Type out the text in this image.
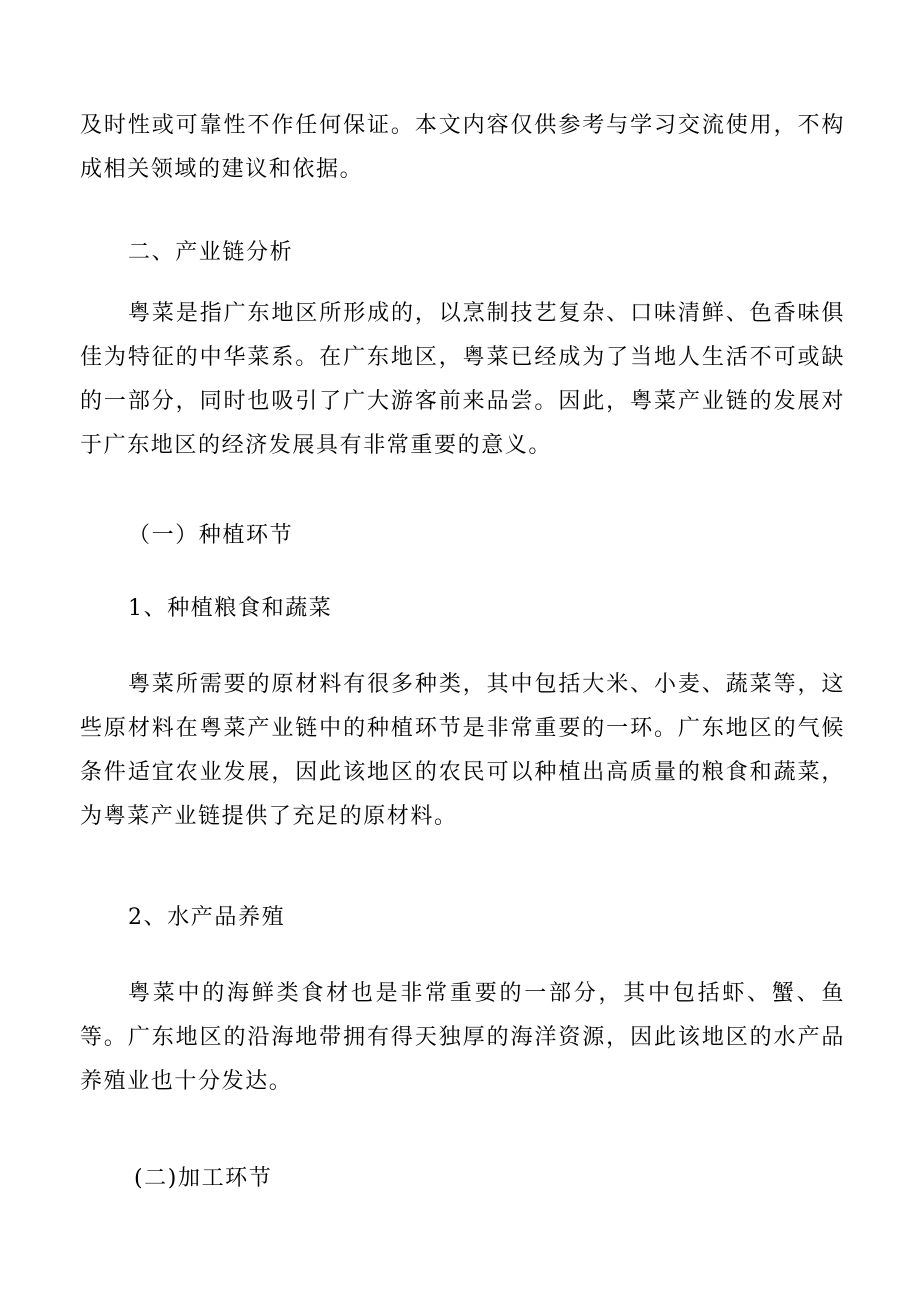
及时性或可靠性不作任何保证。本文内容仅供参考与学习交流使用，不构成相关领域的建议和依据。

二、产业链分析

粤菜是指广东地区所形成的，以烹制技艺复杂、口味清鲜、色香味俱佳为特征的中华菜系。在广东地区，粤菜已经成为了当地人生活不可或缺的一部分，同时也吸引了广大游客前来品尝。因此，粤菜产业链的发展对于广东地区的经济发展具有非常重要的意义。

（一）种植环节

1、种植粮食和蔬菜

粤菜所需要的原材料有很多种类，其中包括大米、小麦、蔬菜等，这些原材料在粤菜产业链中的种植环节是非常重要的一环。广东地区的气候条件适宜农业发展，因此该地区的农民可以种植出高质量的粮食和蔬菜，为粤菜产业链提供了充足的原材料。

2、水产品养殖

粤菜中的海鲜类食材也是非常重要的一部分，其中包括虾、蟹、鱼等。广东地区的沿海地带拥有得天独厚的海洋资源，因此该地区的水产品养殖业也十分发达。

(二)加工环节
